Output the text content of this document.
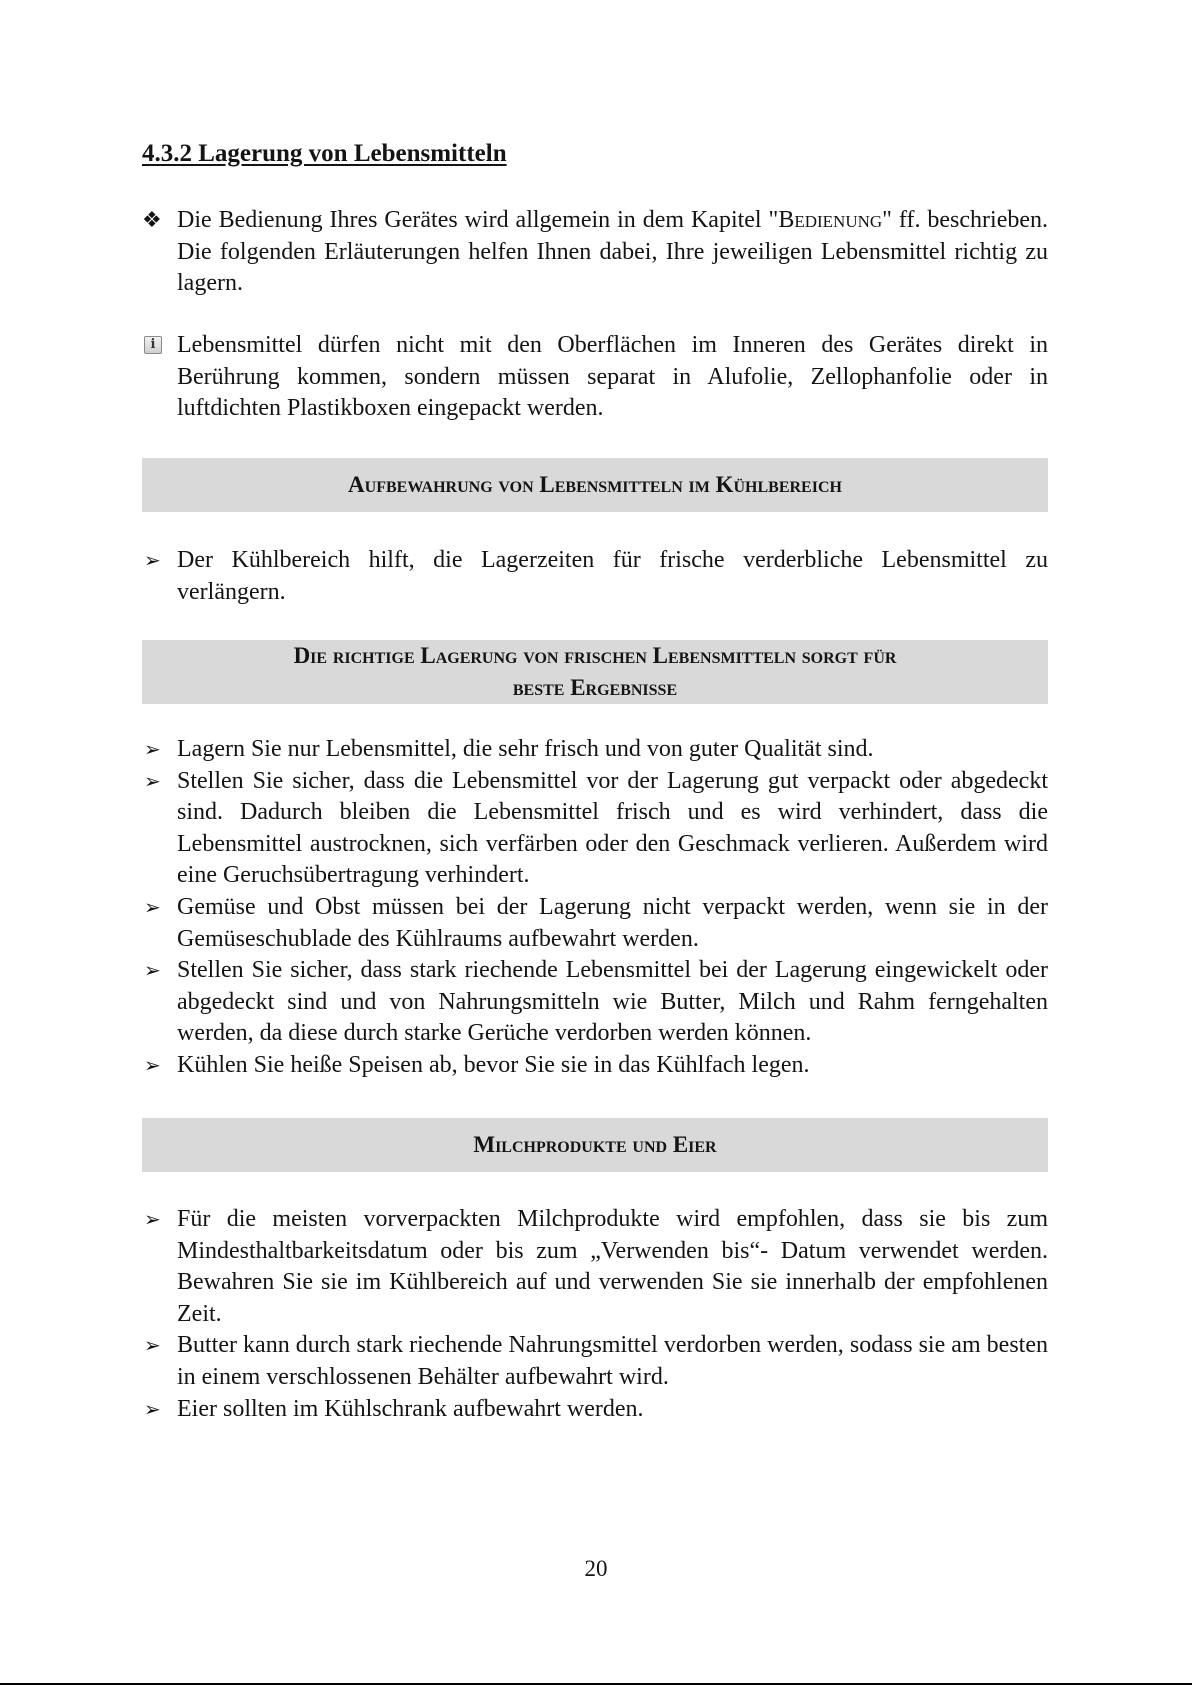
4.3.2 Lagerung von Lebensmitteln
❖ Die Bedienung Ihres Gerätes wird allgemein in dem Kapitel "Bedienung" ff. beschrieben. Die folgenden Erläuterungen helfen Ihnen dabei, Ihre jeweiligen Lebensmittel richtig zu lagern.
i Lebensmittel dürfen nicht mit den Oberflächen im Inneren des Gerätes direkt in Berührung kommen, sondern müssen separat in Alufolie, Zellophanfolie oder in luftdichten Plastikboxen eingepackt werden.
Aufbewahrung von Lebensmitteln im Kühlbereich
➢ Der Kühlbereich hilft, die Lagerzeiten für frische verderbliche Lebensmittel zu verlängern.
Die richtige Lagerung von frischen Lebensmitteln sorgt für
beste Ergebnisse
➢ Lagern Sie nur Lebensmittel, die sehr frisch und von guter Qualität sind.
➢ Stellen Sie sicher, dass die Lebensmittel vor der Lagerung gut verpackt oder abgedeckt sind. Dadurch bleiben die Lebensmittel frisch und es wird verhindert, dass die Lebensmittel austrocknen, sich verfärben oder den Geschmack verlieren. Außerdem wird eine Geruchsübertragung verhindert.
➢ Gemüse und Obst müssen bei der Lagerung nicht verpackt werden, wenn sie in der Gemüseschublade des Kühlraums aufbewahrt werden.
➢ Stellen Sie sicher, dass stark riechende Lebensmittel bei der Lagerung eingewickelt oder abgedeckt sind und von Nahrungsmitteln wie Butter, Milch und Rahm ferngehalten werden, da diese durch starke Gerüche verdorben werden können.
➢ Kühlen Sie heiße Speisen ab, bevor Sie sie in das Kühlfach legen.
Milchprodukte und Eier
➢ Für die meisten vorverpackten Milchprodukte wird empfohlen, dass sie bis zum Mindesthaltbarkeitsdatum oder bis zum „Verwenden bis“- Datum verwendet werden. Bewahren Sie sie im Kühlbereich auf und verwenden Sie sie innerhalb der empfohlenen Zeit.
➢ Butter kann durch stark riechende Nahrungsmittel verdorben werden, sodass sie am besten in einem verschlossenen Behälter aufbewahrt wird.
➢ Eier sollten im Kühlschrank aufbewahrt werden.
20
